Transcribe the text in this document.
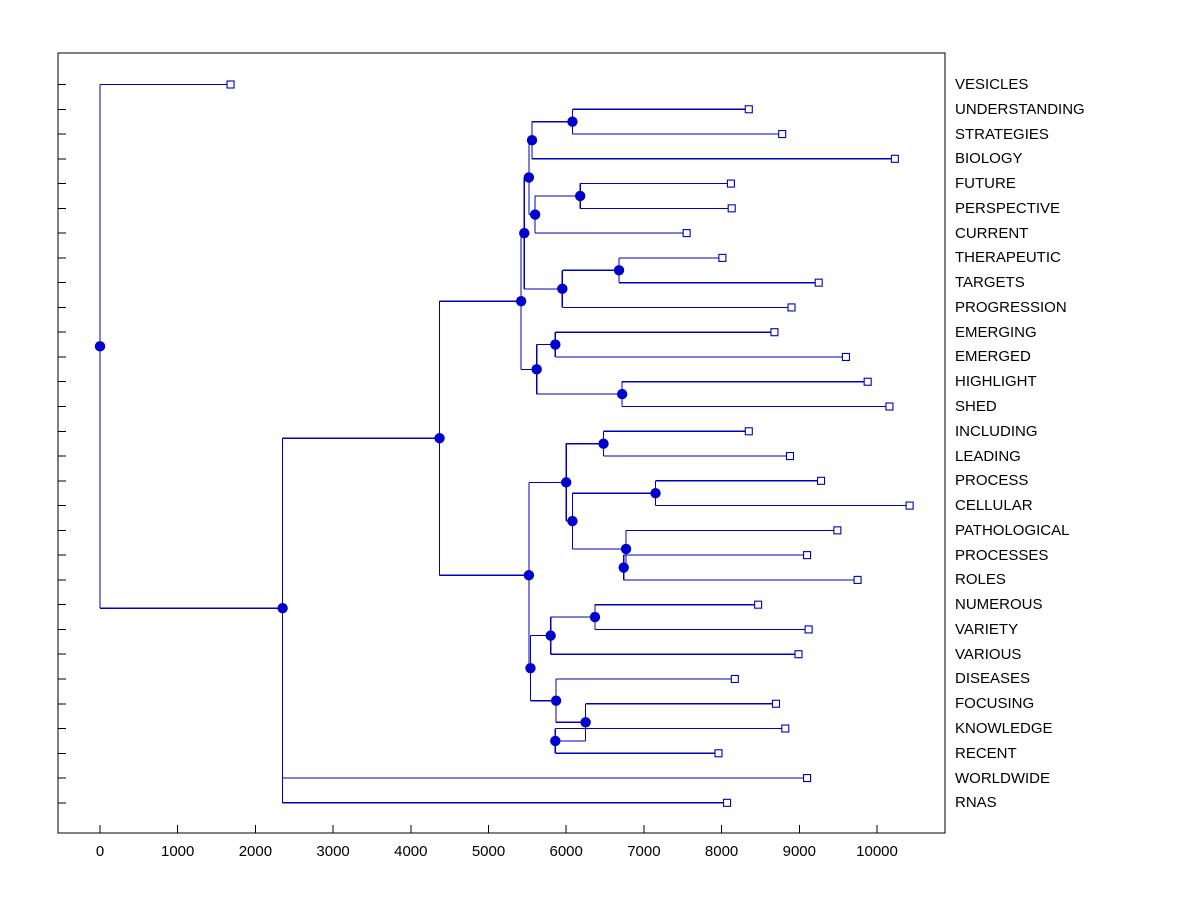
VESICLES
UNDERSTANDING
STRATEGIES
BIOLOGY
FUTURE
PERSPECTIVE
CURRENT
THERAPEUTIC
TARGETS
PROGRESSION
EMERGING
EMERGED
HIGHLIGHT
SHED
INCLUDING
LEADING
PROCESS
CELLULAR
PATHOLOGICAL
PROCESSES
ROLES
NUMEROUS
VARIETY
VARIOUS
DISEASES
FOCUSING
KNOWLEDGE
RECENT
WORLDWIDE
RNAS
0	1000	2000	3000	4000	5000	6000	7000	8000	9000	10000
